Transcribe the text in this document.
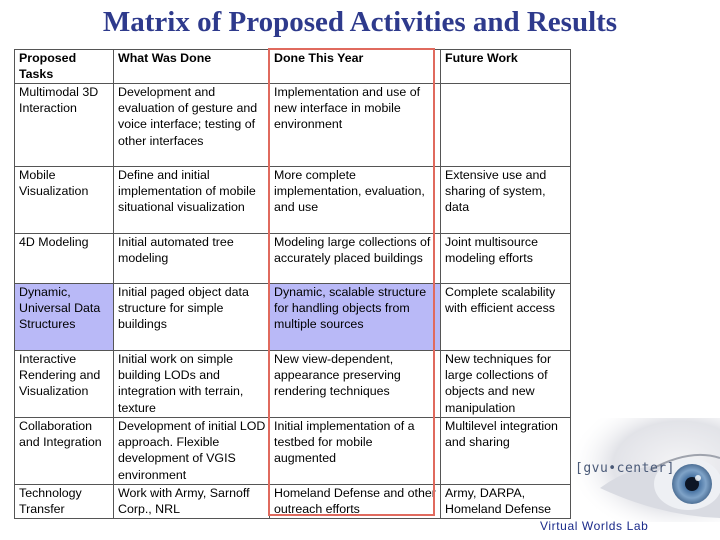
Matrix of Proposed Activities and Results
Proposed Tasks	What Was Done	Done This Year	Future Work
Multimodal 3D Interaction	Development and evaluation of gesture and voice interface; testing of other interfaces	Implementation and use of new interface in mobile environment	
Mobile Visualization	Define and initial implementation of mobile situational visualization	More complete implementation, evaluation, and use	Extensive use and sharing of system, data
4D Modeling	Initial automated tree modeling	Modeling large collections of accurately placed buildings	Joint multisource modeling efforts
Dynamic, Universal Data Structures	Initial paged object data structure for simple buildings	Dynamic, scalable structure for handling objects from multiple sources	Complete scalability with efficient access
Interactive Rendering and Visualization	Initial work on simple building LODs and integration with terrain, texture	New view-dependent, appearance preserving rendering techniques	New techniques for large collections of objects and new manipulation
Collaboration and Integration	Development of initial LOD approach. Flexible development of VGIS environment	Initial implementation of a testbed for mobile augmented	Multilevel integration and sharing
Technology Transfer	Work with Army, Sarnoff Corp., NRL	Homeland Defense and other outreach efforts	Army, DARPA, Homeland Defense
[gvu•center]
Virtual Worlds Lab
